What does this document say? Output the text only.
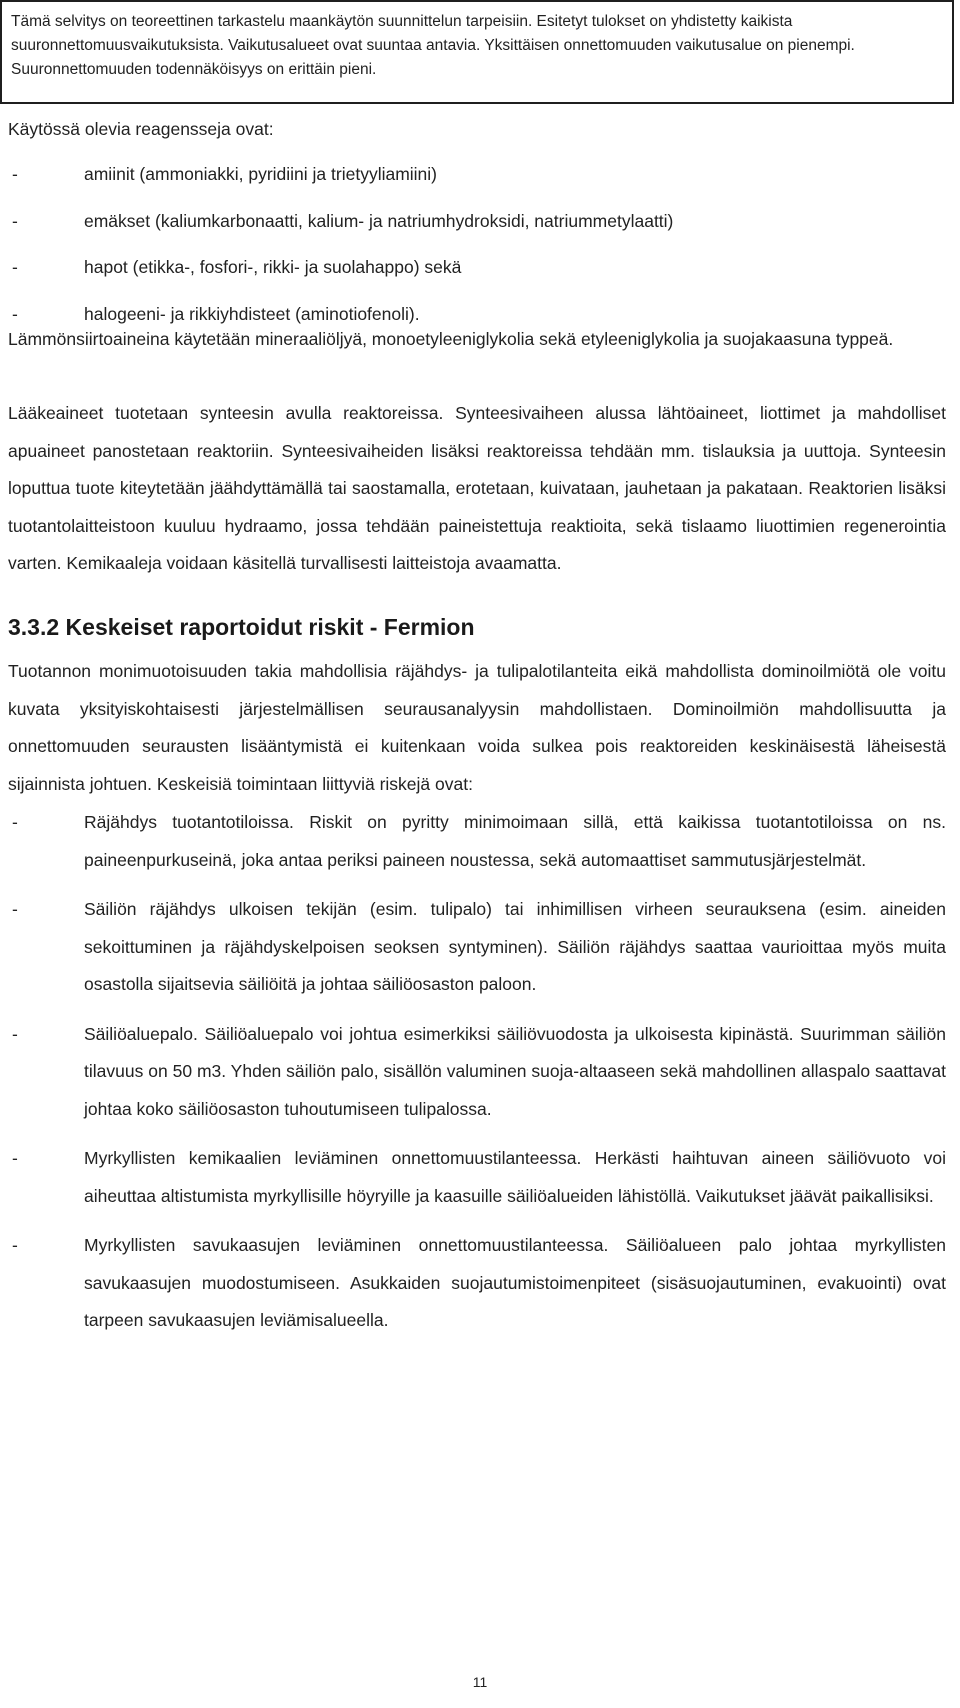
Tämä selvitys on teoreettinen tarkastelu maankäytön suunnittelun tarpeisiin. Esitetyt tulokset on yhdistetty kaikista suuronnettomuusvaikutuksista. Vaikutusalueet ovat suuntaa antavia. Yksittäisen onnettomuuden vaikutusalue on pienempi. Suuronnettomuuden todennäköisyys on erittäin pieni.

Käytössä olevia reagensseja ovat:

- amiinit (ammoniakki, pyridiini ja trietyyliamiini)
- emäkset (kaliumkarbonaatti, kalium- ja natriumhydroksidi, natriummetylaatti)
- hapot (etikka-, fosfori-, rikki- ja suolahappo) sekä
- halogeeni- ja rikkiyhdisteet (aminotiofenoli).

Lämmönsiirtoaineina käytetään mineraaliöljyä, monoetyleeniglykolia sekä etyleeniglykolia ja suojakaasuna typpeä.

Lääkeaineet tuotetaan synteesin avulla reaktoreissa. Synteesivaiheen alussa lähtöaineet, liottimet ja mahdolliset apuaineet panostetaan reaktoriin. Synteesivaiheiden lisäksi reaktoreissa tehdään mm. tislauksia ja uuttoja. Synteesin loputtua tuote kiteytetään jäähdyttämällä tai saostamalla, erotetaan, kuivataan, jauhetaan ja pakataan. Reaktorien lisäksi tuotantolaitteistoon kuuluu hydraamo, jossa tehdään paineistettuja reaktioita, sekä tislaamo liuottimien regenerointia varten. Kemikaaleja voidaan käsitellä turvallisesti laitteistoja avaamatta.

3.3.2 Keskeiset raportoidut riskit - Fermion

Tuotannon monimuotoisuuden takia mahdollisia räjähdys- ja tulipalotilanteita eikä mahdollista dominoilmiötä ole voitu kuvata yksityiskohtaisesti järjestelmällisen seurausanalyysin mahdollistaen. Dominoilmiön mahdollisuutta ja onnettomuuden seurausten lisääntymistä ei kuitenkaan voida sulkea pois reaktoreiden keskinäisestä läheisestä sijainnista johtuen. Keskeisiä toimintaan liittyviä riskejä ovat:

- Räjähdys tuotantotiloissa. Riskit on pyritty minimoimaan sillä, että kaikissa tuotantotiloissa on ns. paineenpurkuseinä, joka antaa periksi paineen noustessa, sekä automaattiset sammutusjärjestelmät.
- Säiliön räjähdys ulkoisen tekijän (esim. tulipalo) tai inhimillisen virheen seurauksena (esim. aineiden sekoittuminen ja räjähdyskelpoisen seoksen syntyminen). Säiliön räjähdys saattaa vaurioittaa myös muita osastolla sijaitsevia säiliöitä ja johtaa säiliöosaston paloon.
- Säiliöaluepalo. Säiliöaluepalo voi johtua esimerkiksi säiliövuodosta ja ulkoisesta kipinästä. Suurimman säiliön tilavuus on 50 m3. Yhden säiliön palo, sisällön valuminen suoja-altaaseen sekä mahdollinen allaspalo saattavat johtaa koko säiliöosaston tuhoutumiseen tulipalossa.
- Myrkyllisten kemikaalien leviäminen onnettomuustilanteessa. Herkästi haihtuvan aineen säiliövuoto voi aiheuttaa altistumista myrkyllisille höyryille ja kaasuille säiliöalueiden lähistöllä. Vaikutukset jäävät paikallisiksi.
- Myrkyllisten savukaasujen leviäminen onnettomuustilanteessa. Säiliöalueen palo johtaa myrkyllisten savukaasujen muodostumiseen. Asukkaiden suojautumistoimenpiteet (sisäsuojautuminen, evakuointi) ovat tarpeen savukaasujen leviämisalueella.

11
